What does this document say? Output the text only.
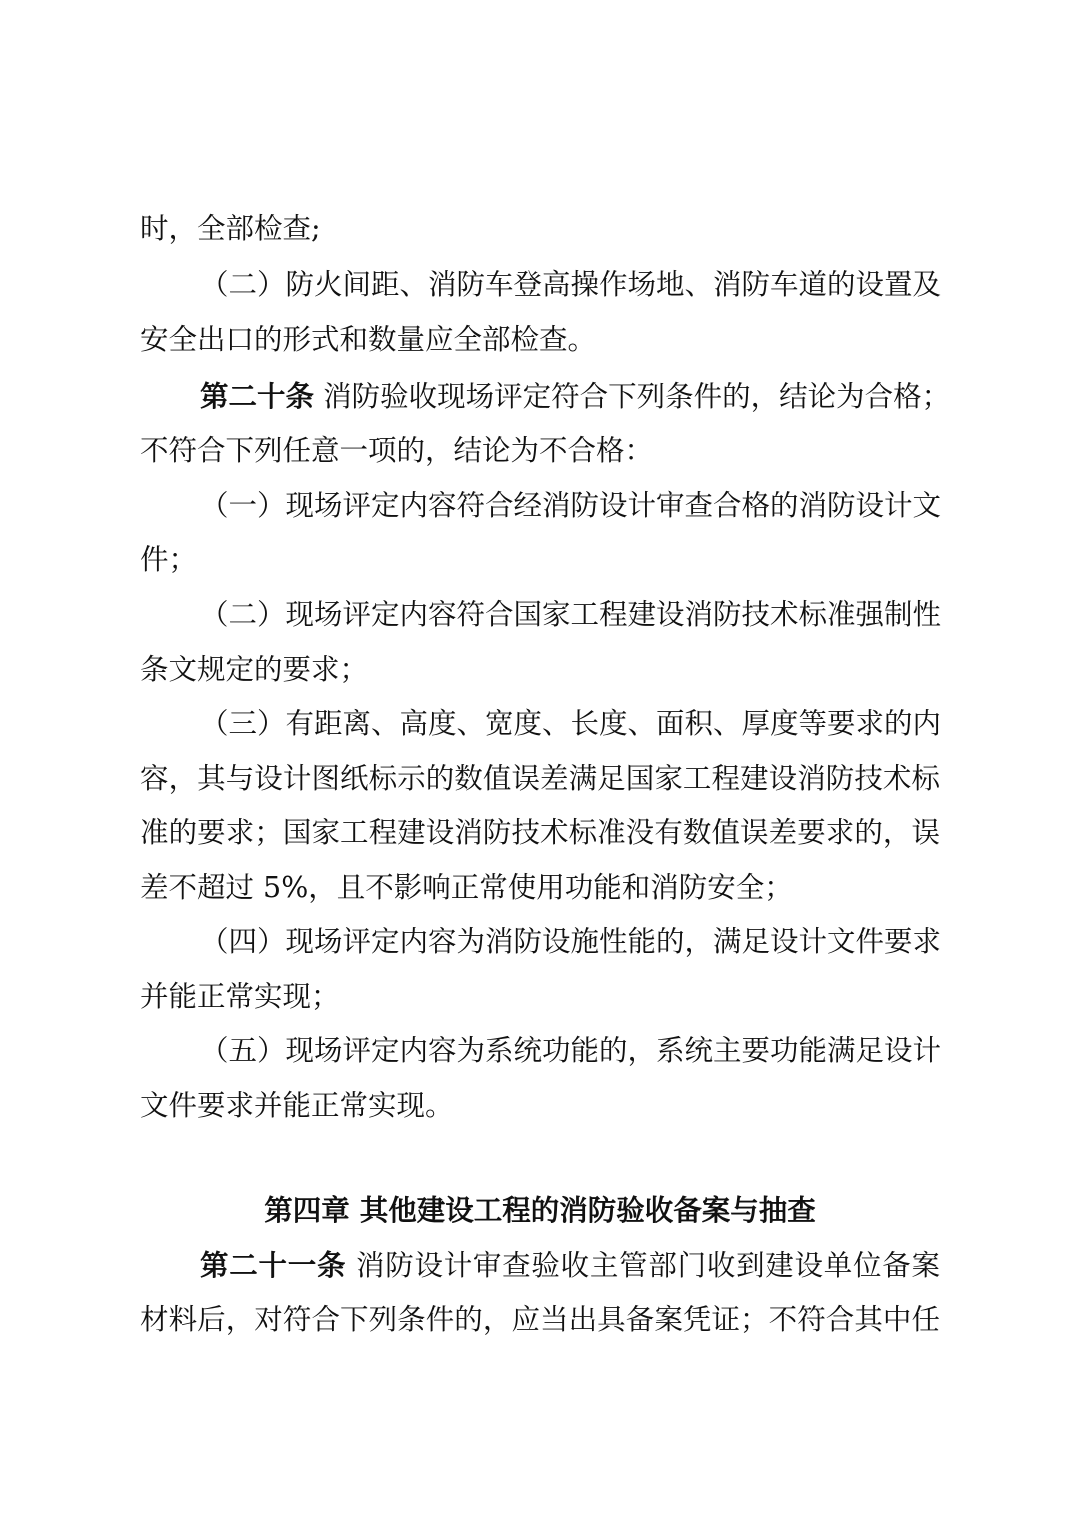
时，全部检查;
（二）防火间距、消防车登高操作场地、消防车道的设置及
安全出口的形式和数量应全部检查。
第二十条 消防验收现场评定符合下列条件的，结论为合格；
不符合下列任意一项的，结论为不合格：
（一）现场评定内容符合经消防设计审查合格的消防设计文
件；
（二）现场评定内容符合国家工程建设消防技术标准强制性
条文规定的要求；
（三）有距离、高度、宽度、长度、面积、厚度等要求的内
容，其与设计图纸标示的数值误差满足国家工程建设消防技术标
准的要求；国家工程建设消防技术标准没有数值误差要求的，误
差不超过 5%，且不影响正常使用功能和消防安全；
（四）现场评定内容为消防设施性能的，满足设计文件要求
并能正常实现；
（五）现场评定内容为系统功能的，系统主要功能满足设计
文件要求并能正常实现。
第四章 其他建设工程的消防验收备案与抽查
第二十一条 消防设计审查验收主管部门收到建设单位备案
材料后，对符合下列条件的，应当出具备案凭证；不符合其中任
